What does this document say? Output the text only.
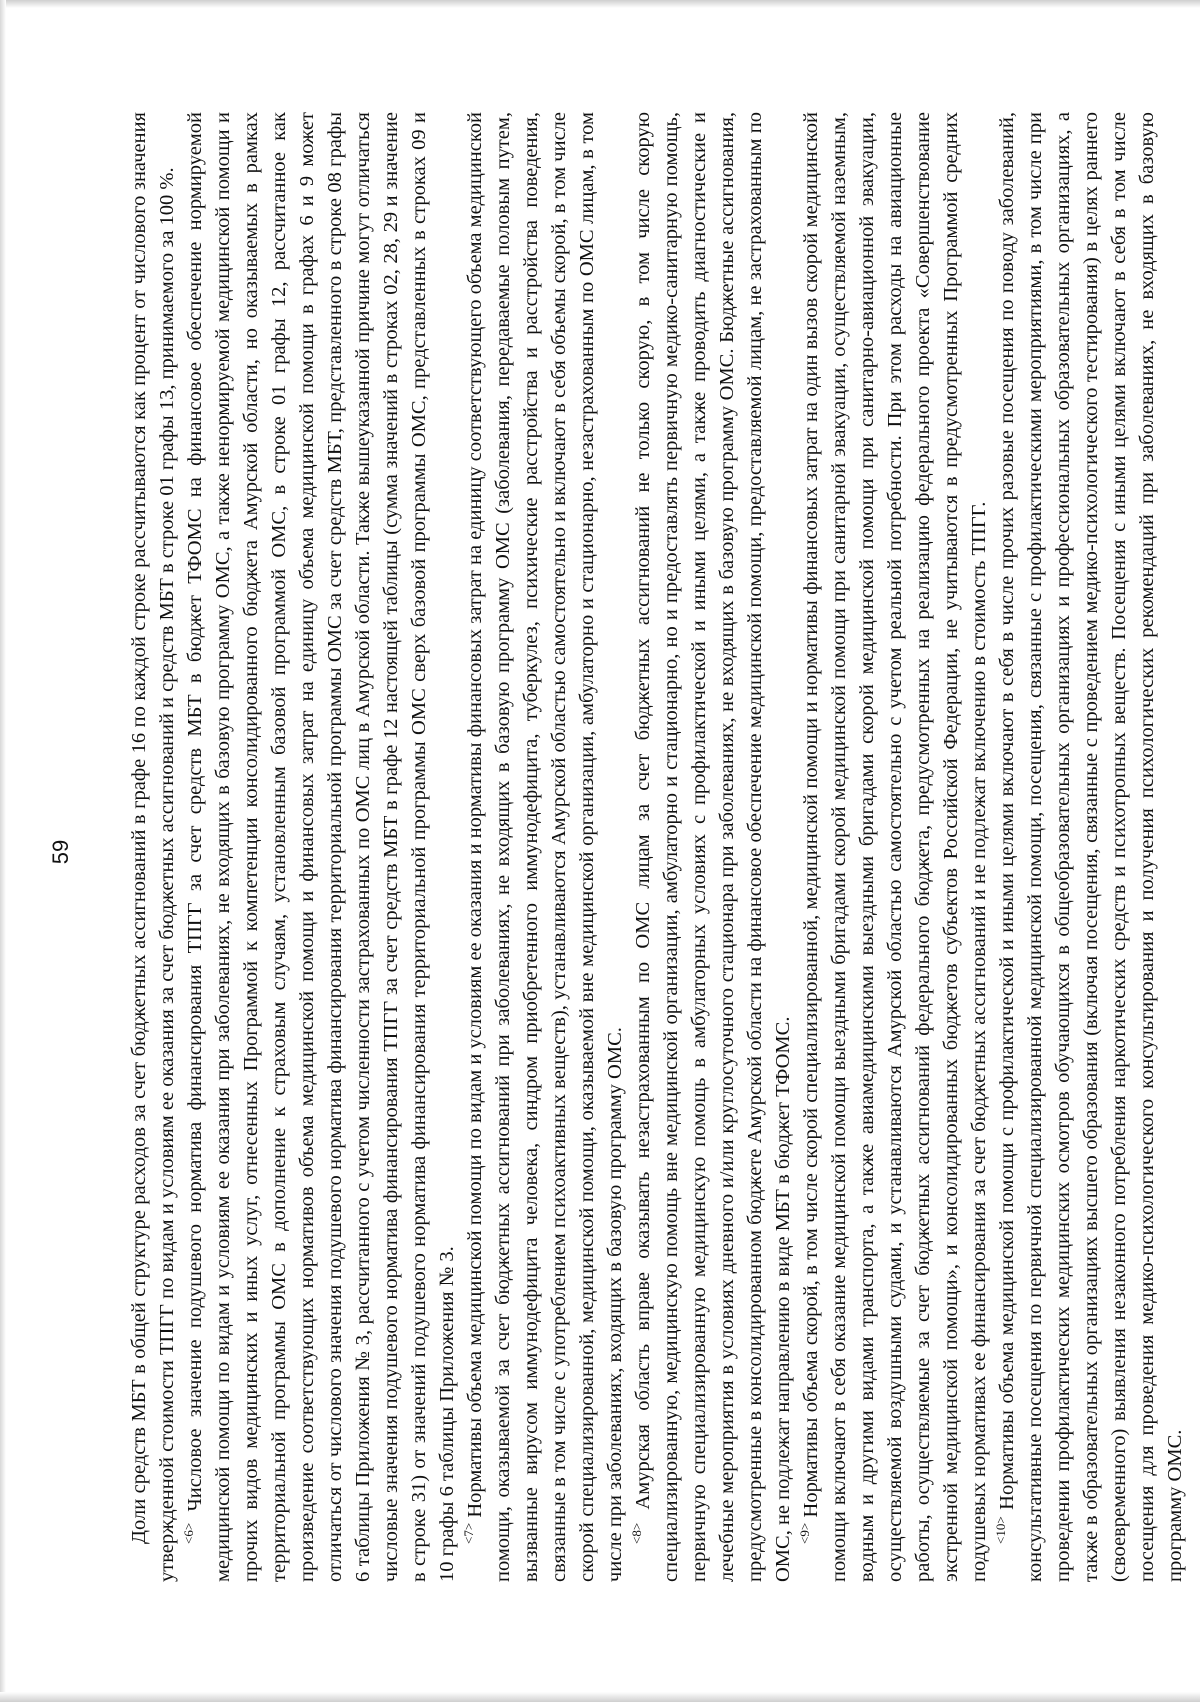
59	Доли средств МБТ в общей структуре расходов за счет бюджетных ассигнований в графе 16 по каждой строке рассчитываются как процент от числового значения утвержденной стоимости ТПГГ по видам и условиям ее оказания за счет бюджетных ассигнований и средств МБТ в строке 01 графы 13, принимаемого за 100 %. $^{<6>}$ Числовое значение подушевого норматива финансирования ТПГГ за счет средств МБТ в бюджет ТФОМС на финансовое обеспечение нормируемой медицинской помощи по видам и условиям ее оказания при заболеваниях, не входящих в базовую программу ОМС, а также ненормируемой медицинской помощи и прочих видов медицинских и иных услуг, отнесенных Программой к компетенции консолидированного бюджета Амурской области, но оказываемых в рамках территориальной программы ОМС в дополнение к страховым случаям, установленным базовой программой ОМС, в строке 01 графы 12, рассчитанное как произведение соответствующих нормативов объема медицинской помощи и финансовых затрат на единицу объема медицинской помощи в графах 6 и 9 может отличаться от числового значения подушевого норматива финансирования территориальной программы ОМС за счет средств МБТ, представленного в строке 08 графы 6 таблицы Приложения № 3, рассчитанного с учетом численности застрахованных по ОМС лиц в Амурской области. Также вышеуказанной причине могут отличаться числовые значения подушевого норматива финансирования ТПГГ за счет средств МБТ в графе 12 настоящей таблицы (сумма значений в строках 02, 28, 29 и значение в строке 31) от значений подушевого норматива финансирования территориальной программы ОМС сверх базовой программы ОМС, представленных в строках 09 и 10 графы 6 таблицы Приложения № 3. $^{<7>}$ Нормативы объема медицинской помощи по видам и условиям ее оказания и нормативы финансовых затрат на единицу соответствующего объема медицинской помощи, оказываемой за счет бюджетных ассигнований при заболеваниях, не входящих в базовую программу ОМС (заболевания, передаваемые половым путем, вызванные вирусом иммунодефицита человека, синдром приобретенного иммунодефицита, туберкулез, психические расстройства и расстройства поведения, связанные в том числе с употреблением психоактивных веществ), устанавливаются Амурской областью самостоятельно и включают в себя объемы скорой, в том числе скорой специализированной, медицинской помощи, оказываемой вне медицинской организации, амбулаторно и стационарно, незастрахованным по ОМС лицам, в том числе при заболеваниях, входящих в базовую программу ОМС. $^{<8>}$ Амурская область вправе оказывать незастрахованным по ОМС лицам за счет бюджетных ассигнований не только скорую, в том числе скорую специализированную, медицинскую помощь вне медицинской организации, амбулаторно и стационарно, но и предоставлять первичную медико-санитарную помощь, первичную специализированную медицинскую помощь в амбулаторных условиях с профилактической и иными целями, а также проводить диагностические и лечебные мероприятия в условиях дневного и/или круглосуточного стационара при заболеваниях, не входящих в базовую программу ОМС. Бюджетные ассигнования, предусмотренные в консолидированном бюджете Амурской области на финансовое обеспечение медицинской помощи, предоставляемой лицам, не застрахованным по ОМС, не подлежат направлению в виде МБТ в бюджет ТФОМС. $^{<9>}$ Нормативы объема скорой, в том числе скорой специализированной, медицинской помощи и нормативы финансовых затрат на один вызов скорой медицинской помощи включают в себя оказание медицинской помощи выездными бригадами скорой медицинской помощи при санитарной эвакуации, осуществляемой наземным, водным и другими видами транспорта, а также авиамедицинскими выездными бригадами скорой медицинской помощи при санитарно-авиационной эвакуации, осуществляемой воздушными судами, и устанавливаются Амурской областью самостоятельно с учетом реальной потребности. При этом расходы на авиационные работы, осуществляемые за счет бюджетных ассигнований федерального бюджета, предусмотренных на реализацию федерального проекта «Совершенствование экстренной медицинской помощи», и консолидированных бюджетов субъектов Российской Федерации, не учитываются в предусмотренных Программой средних подушевых нормативах ее финансирования за счет бюджетных ассигнований и не подлежат включению в стоимость ТПГГ. $^{<10>}$ Нормативы объема медицинской помощи с профилактической и иными целями включают в себя в числе прочих разовые посещения по поводу заболеваний, консультативные посещения по первичной специализированной медицинской помощи, посещения, связанные с профилактическими мероприятиями, в том числе при проведении профилактических медицинских осмотров обучающихся в общеобразовательных организациях и профессиональных образовательных организациях, а также в образовательных организациях высшего образования (включая посещения, связанные с проведением медико-психологического тестирования) в целях раннего (своевременного) выявления незаконного потребления наркотических средств и психотропных веществ. Посещения с иными целями включают в себя в том числе посещения для проведения медико-психологического консультирования и получения психологических рекомендаций при заболеваниях, не входящих в базовую программу ОМС.
